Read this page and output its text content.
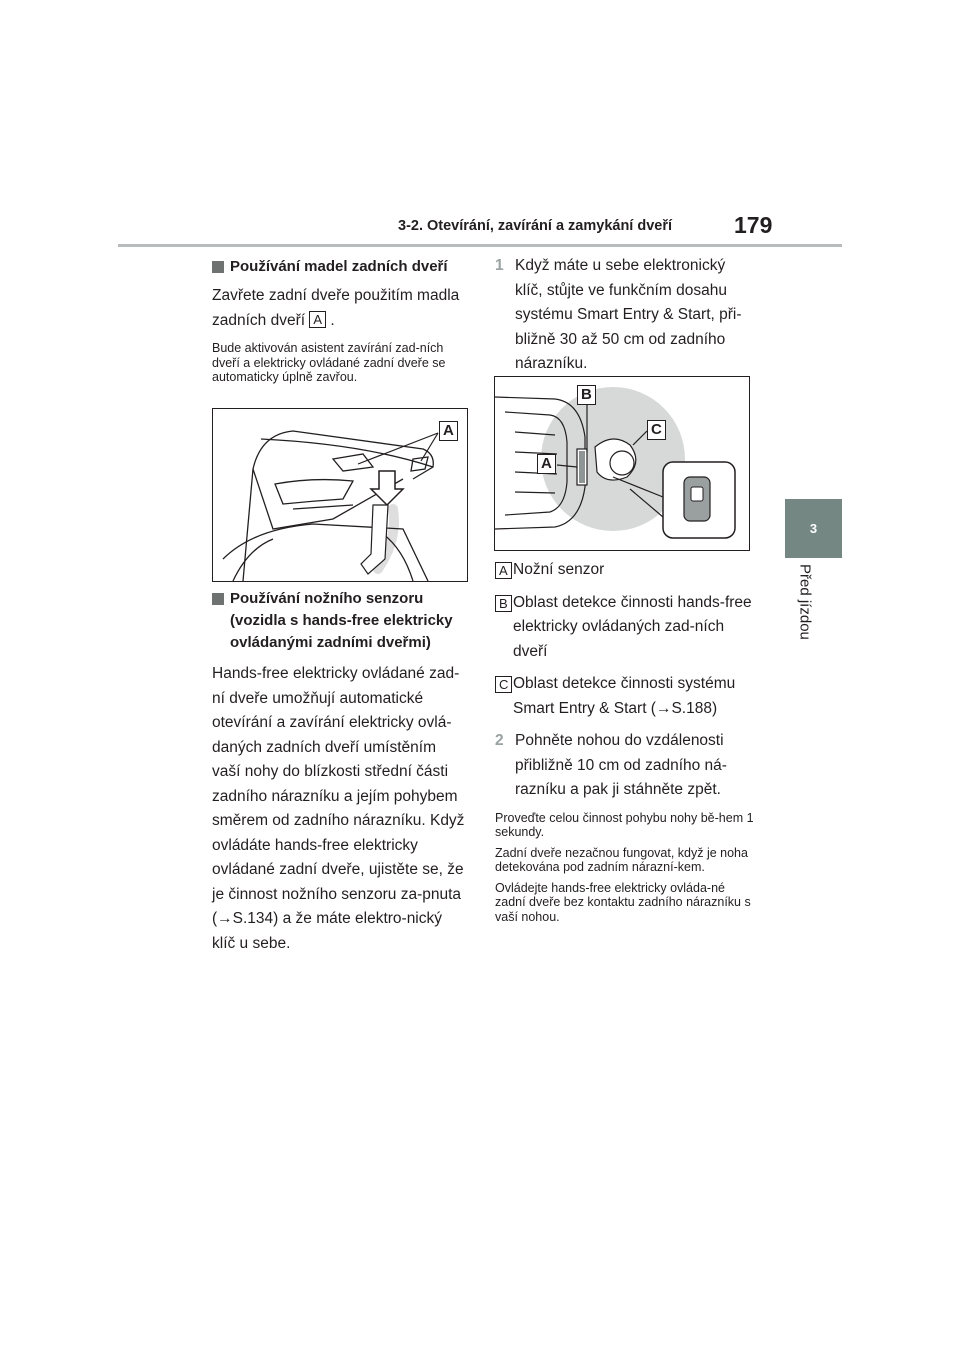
3-2. Otevírání, zavírání a zamykání dveří	179
3
Před jízdou
Používání madel zadních dveří
Zavřete zadní dveře použitím madla zadních dveří A .
Bude aktivován asistent zavírání zad-ních dveří a elektricky ovládané zadní dveře se automaticky úplně zavřou.
A
Používání nožního senzoru (vozidla s hands-free elektricky ovládanými zadními dveřmi)
Hands-free elektricky ovládané zad-ní dveře umožňují automatické otevírání a zavírání elektricky ovlá-daných zadních dveří umístěním vaší nohy do blízkosti střední části zadního nárazníku a jejím pohybem směrem od zadního nárazníku. Když ovládáte hands-free elektricky ovládané zadní dveře, ujistěte se, že je činnost nožního senzoru za-pnuta (→S.134) a že máte elektro-nický klíč u sebe.
1 Když máte u sebe elektronický klíč, stůjte ve funkčním dosahu systému Smart Entry & Start, při-bližně 30 až 50 cm od zadního nárazníku.
B
C
A
A Nožní senzor
B Oblast detekce činnosti hands-free elektricky ovládaných zad-ních dveří
C Oblast detekce činnosti systému Smart Entry & Start (→S.188)
2 Pohněte nohou do vzdálenosti přibližně 10 cm od zadního ná-razníku a pak ji stáhněte zpět.
Proveďte celou činnost pohybu nohy bě-hem 1 sekundy.
Zadní dveře nezačnou fungovat, když je noha detekována pod zadním nárazní-kem.
Ovládejte hands-free elektricky ovláda-né zadní dveře bez kontaktu zadního nárazníku s vaší nohou.
